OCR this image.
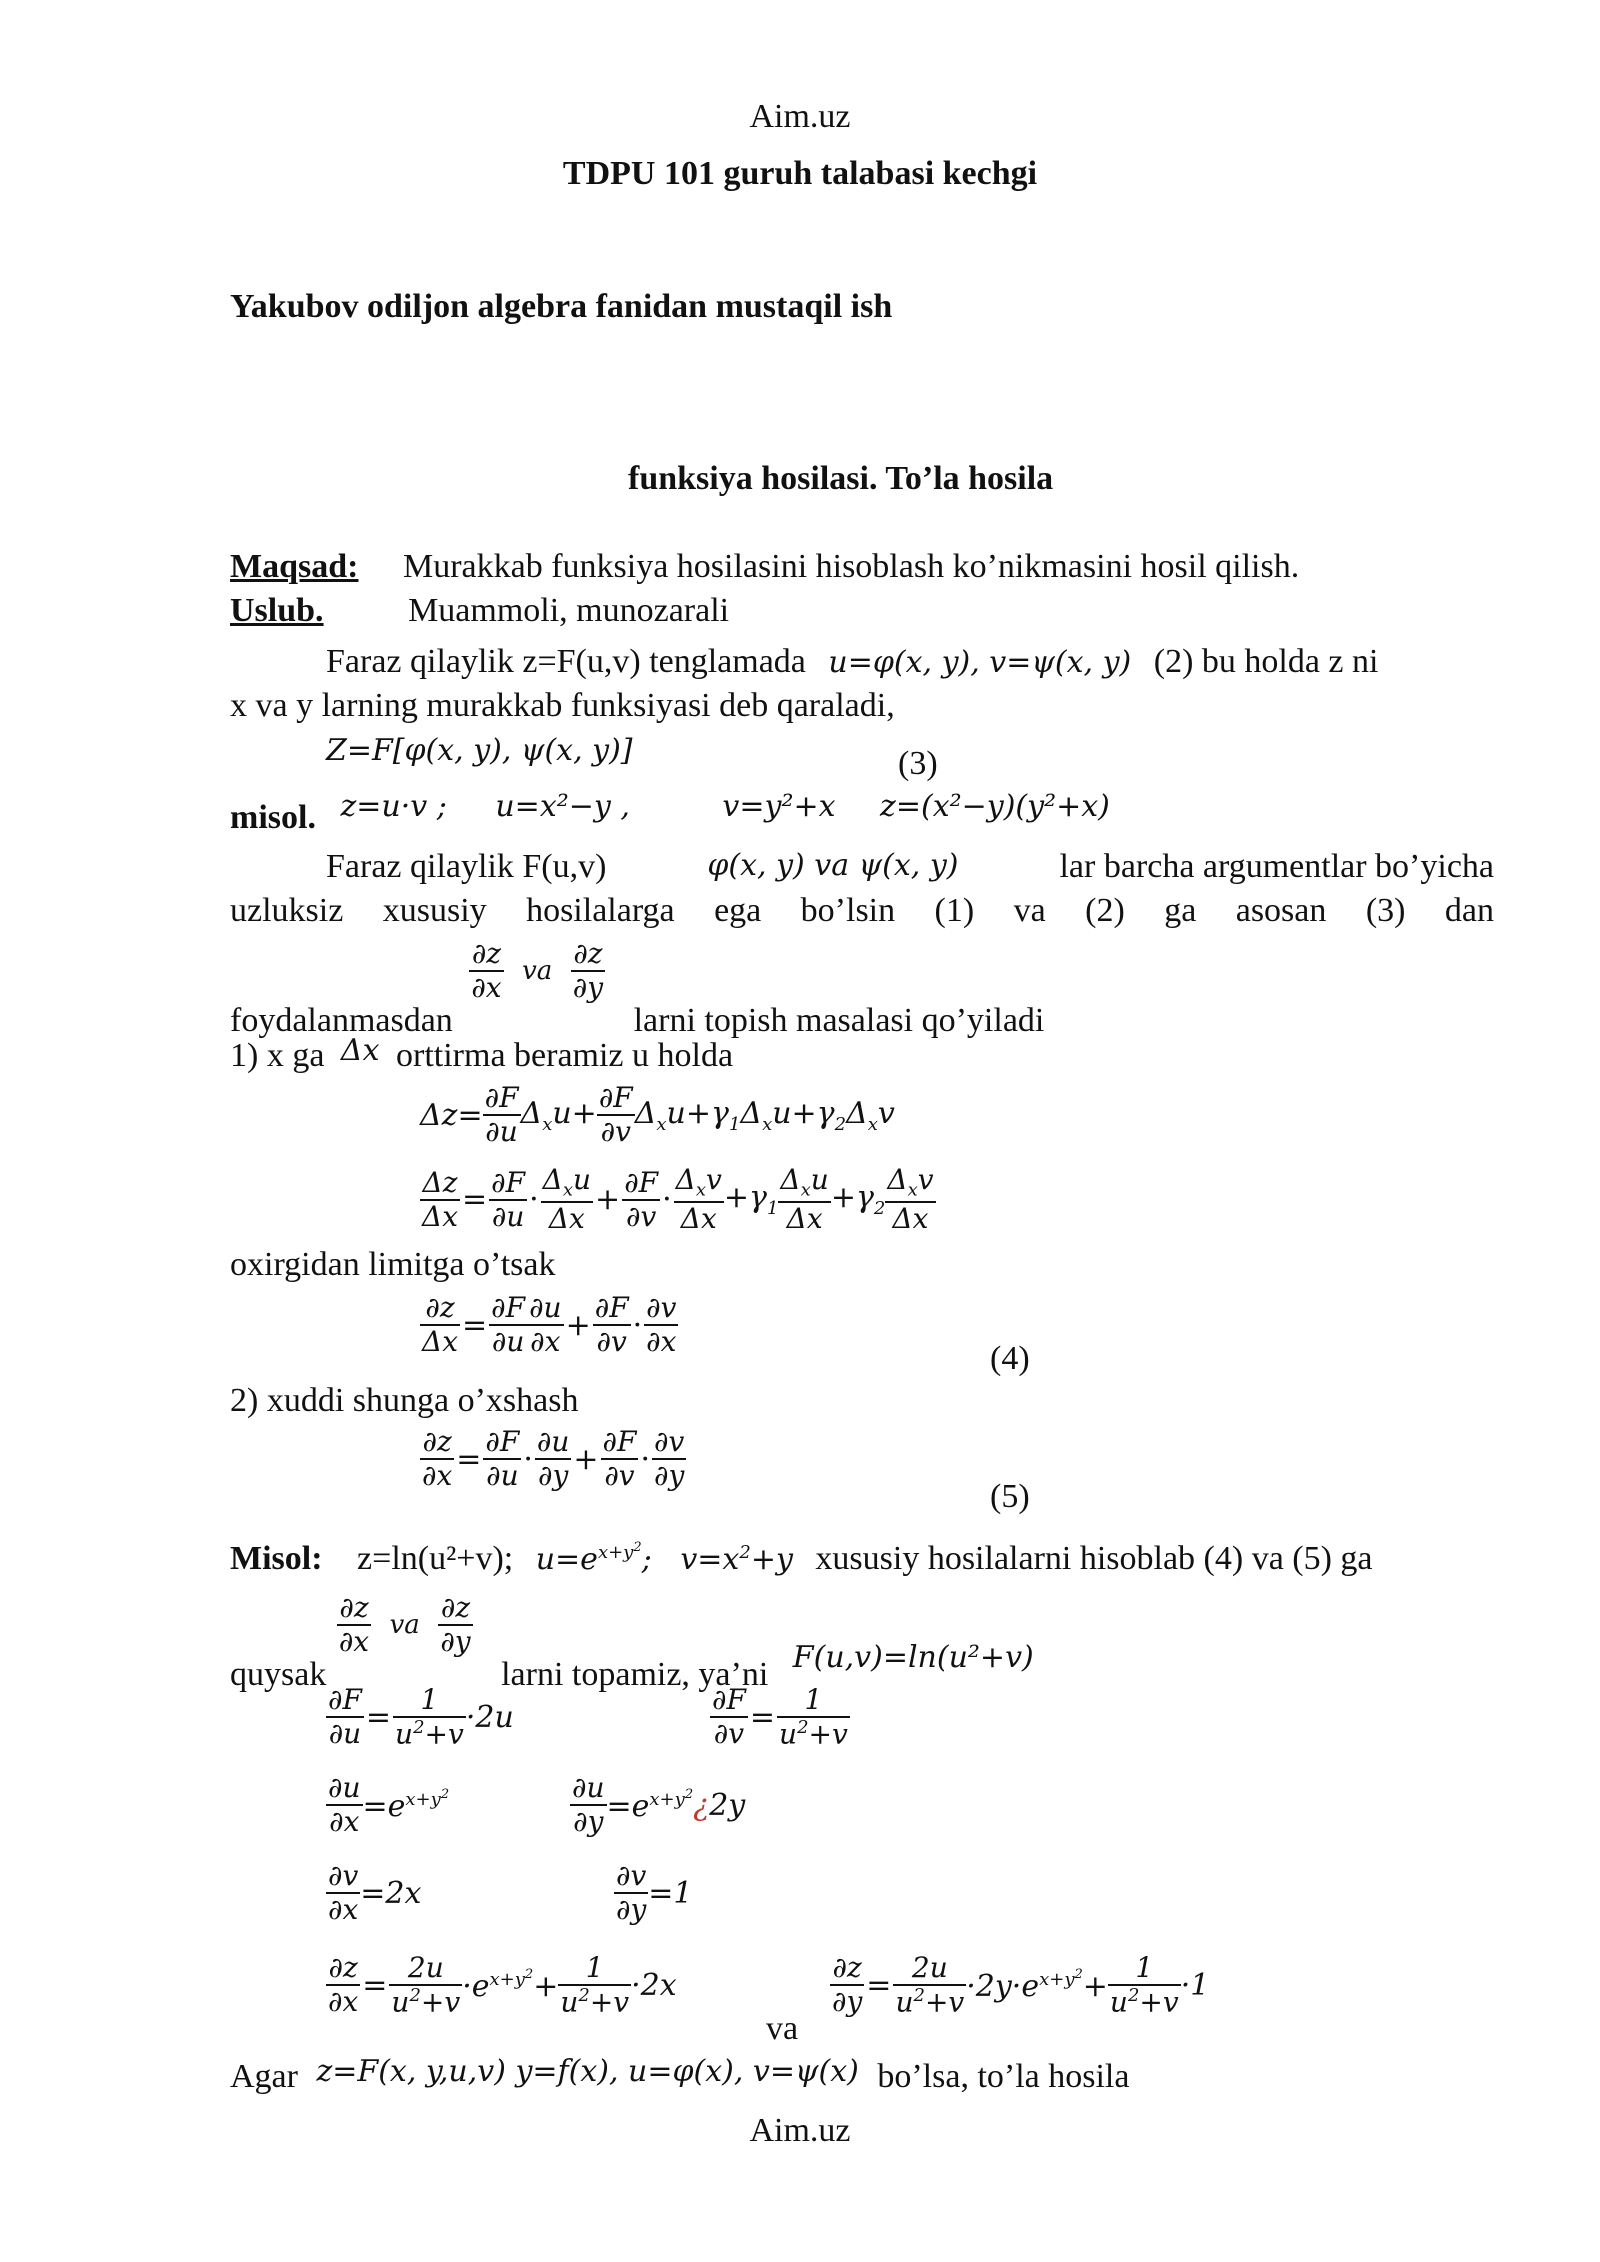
Aim.uz
TDPU 101 guruh talabasi kechgi
Yakubov odiljon algebra fanidan mustaqil ish
funksiya hosilasi. To’la hosila
Maqsad: Murakkab funksiya hosilasini hisoblash ko’nikmasini hosil qilish.
Uslub. Muammoli, munozarali
Faraz qilaylik z=F(u,v) tenglamada u=φ(x, y), v=ψ(x, y) (2) bu holda z ni
x va y larning murakkab funksiyasi deb qaraladi,
Z=F[φ(x, y), ψ(x, y)]	(3)
misol. z=u·v ; u=x²−y ,	v=y²+x z=(x²−y)(y²+x)
Faraz qilaylik F(u,v)	φ(x, y) va ψ(x, y)	lar barcha argumentlar bo’yicha
uzluksiz xususiy hosilalarga ega bo’lsin (1) va (2) ga asosan (3) dan
foydalanmasdan
$\frac{\partial z}{\partial x}$ va $\frac{\partial z}{\partial y}$
larni topish masalasi qo’yiladi
1) x ga Δx orttirma beramiz u holda
$\Delta z= \frac{\partial F}{\partial u} \Delta_xu+ \frac{\partial F}{\partial v} \Delta_xu+\gamma_1\Delta_xu+\gamma_2\Delta_xv$
$\frac{\Delta z}{\Delta x} = \frac{\partial F}{\partial u} \cdot \frac{\Delta_xu}{\Delta x} + \frac{\partial F}{\partial v} \cdot \frac{\Delta_xv}{\Delta x} +\gamma_1 \frac{\Delta_xu}{\Delta x} +\gamma_2 \frac{\Delta_xv}{\Delta x}$
oxirgidan limitga o’tsak
$\frac{\partial z}{\Delta x} = \frac{\partial F}{\partial u} \frac{\partial u}{\partial x} + \frac{\partial F}{\partial v} \cdot \frac{\partial v}{\partial x}$
(4)
2) xuddi shunga o’xshash
$\frac{\partial z}{\partial x} = \frac{\partial F}{\partial u} \cdot \frac{\partial u}{\partial y} + \frac{\partial F}{\partial v} \cdot \frac{\partial v}{\partial y}$
(5)
Misol: z=ln(u²+v); $u=e^{x+y^2}$;   $v=x^2+y$ xususiy hosilalarni hisoblab (4) va (5) ga
quysak
$\frac{\partial z}{\partial x}$ va $\frac{\partial z}{\partial y}$
larni topamiz, ya’ni F(u,v)=ln(u²+v)
$\frac{\partial F}{\partial u} = \frac{1}{u^2+v} \cdot 2u$	$\frac{\partial F}{\partial v} = \frac{1}{u^2+v}$
$\frac{\partial u}{\partial x} =e^{x+y^2}$	$\frac{\partial u}{\partial y} =e^{x+y^2}$ ¿ 2y
$\frac{\partial v}{\partial x} =2x$	$\frac{\partial v}{\partial y} =1$
$\frac{\partial z}{\partial x} = \frac{2u}{u^2+v} \cdot e^{x+y^2}+ \frac{1}{u^2+v} \cdot 2x$
va
$\frac{\partial z}{\partial y} = \frac{2u}{u^2+v} \cdot 2y\cdot e^{x+y^2}+ \frac{1}{u^2+v} \cdot 1$
Agar z=F(x, y,u,v) y=f(x), u=φ(x), v=ψ(x) bo’lsa, to’la hosila
Aim.uz
